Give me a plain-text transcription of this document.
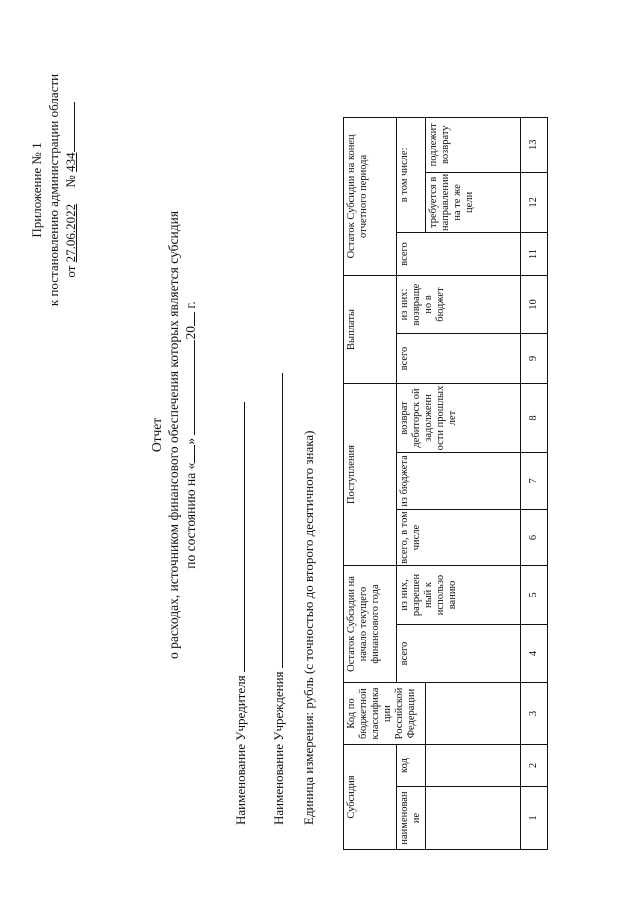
Приложение № 1 к постановлению администрации области от 27.06.2022     № 434
Отчет о расходах, источником финансового обеспечения которых является субсидия по состоянию на «» 20 г.
Наименование Учредителя Наименование Учреждения Единица измерения: рубль (с точностью до второго десятичного знака)	Субсидия		Код по бюджетной классифика ции Российской Федерации	Остаток Субсидии на начало текущего финансового года		Поступления			Выплаты		Остаток Субсидии на конец отчетного периода		
наименован ие	код											
			всего	из них, разрешен ный к использо ванию	всего, в том числе	из бюджета	возврат дебиторск ой задолженн ости прошлых лет	всего	из них: возвраще но в бюджет	всего	в том числе:	
											требуется в направлении на те же цели	подлежит возврату
1	2	3	4	5	6	7	8	9	10	11	12	13
